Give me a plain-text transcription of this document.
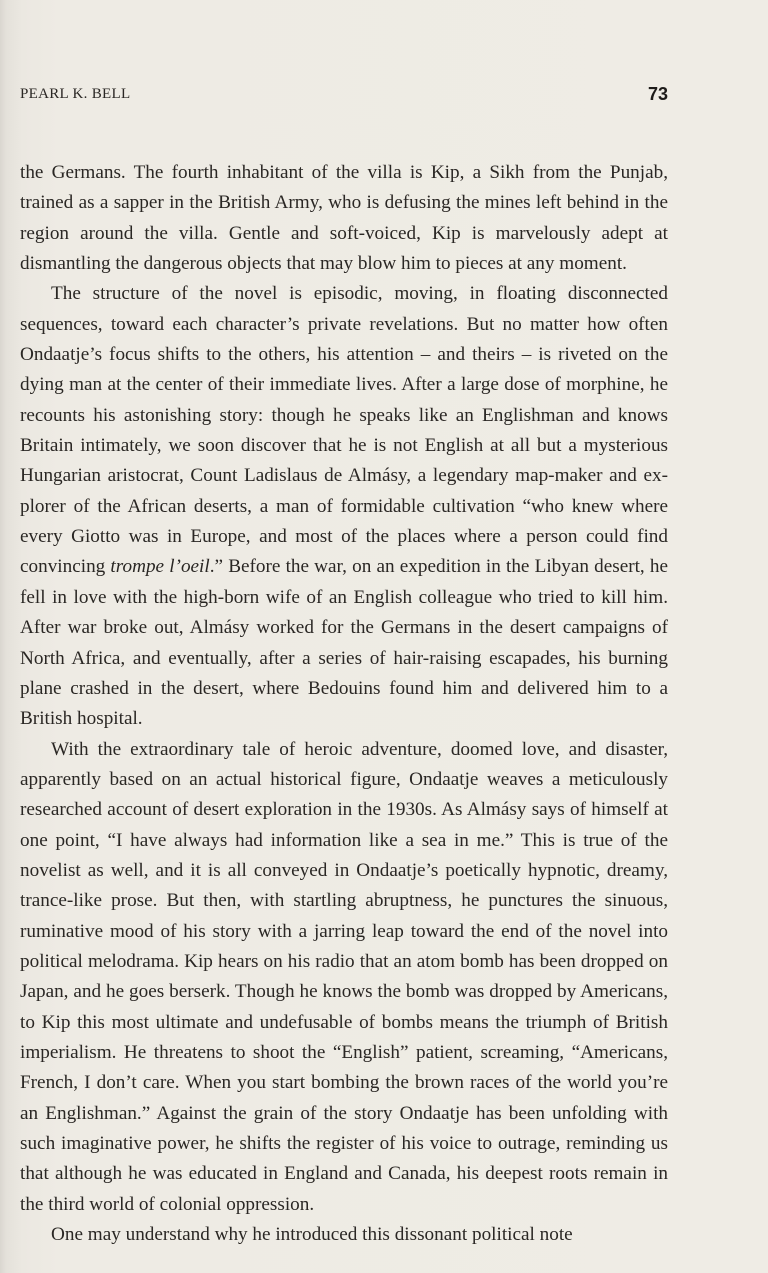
PEARL K. BELL	73

the Germans. The fourth inhabitant of the villa is Kip, a Sikh from the Punjab, trained as a sapper in the British Army, who is defusing the mines left behind in the region around the villa. Gentle and soft-voiced, Kip is marvelously adept at dismantling the dangerous objects that may blow him to pieces at any moment.

The structure of the novel is episodic, moving, in floating disconnected sequences, toward each character’s private revelations. But no matter how often Ondaatje’s focus shifts to the others, his attention – and theirs – is riveted on the dying man at the center of their immediate lives. After a large dose of morphine, he recounts his astonishing story: though he speaks like an Englishman and knows Britain intimately, we soon discover that he is not English at all but a mysterious Hungarian aristocrat, Count Ladislaus de Almásy, a legendary map-maker and explorer of the African deserts, a man of formidable cultivation “who knew where every Giotto was in Europe, and most of the places where a person could find convincing trompe l’oeil.” Before the war, on an expedition in the Libyan desert, he fell in love with the high-born wife of an English colleague who tried to kill him. After war broke out, Almásy worked for the Germans in the desert campaigns of North Africa, and eventually, after a series of hair-raising escapades, his burning plane crashed in the desert, where Bedouins found him and delivered him to a British hospital.

With the extraordinary tale of heroic adventure, doomed love, and disaster, apparently based on an actual historical figure, Ondaatje weaves a meticulously researched account of desert exploration in the 1930s. As Almásy says of himself at one point, “I have always had information like a sea in me.” This is true of the novelist as well, and it is all conveyed in Ondaatje’s poetically hypnotic, dreamy, trance-like prose. But then, with startling abruptness, he punctures the sinuous, ruminative mood of his story with a jarring leap toward the end of the novel into political melodrama. Kip hears on his radio that an atom bomb has been dropped on Japan, and he goes berserk. Though he knows the bomb was dropped by Americans, to Kip this most ultimate and undefusable of bombs means the triumph of British imperialism. He threatens to shoot the “English” patient, screaming, “Americans, French, I don’t care. When you start bombing the brown races of the world you’re an Englishman.” Against the grain of the story Ondaatje has been unfolding with such imaginative power, he shifts the register of his voice to outrage, reminding us that although he was educated in England and Canada, his deepest roots remain in the third world of colonial oppression.

One may understand why he introduced this dissonant political note
